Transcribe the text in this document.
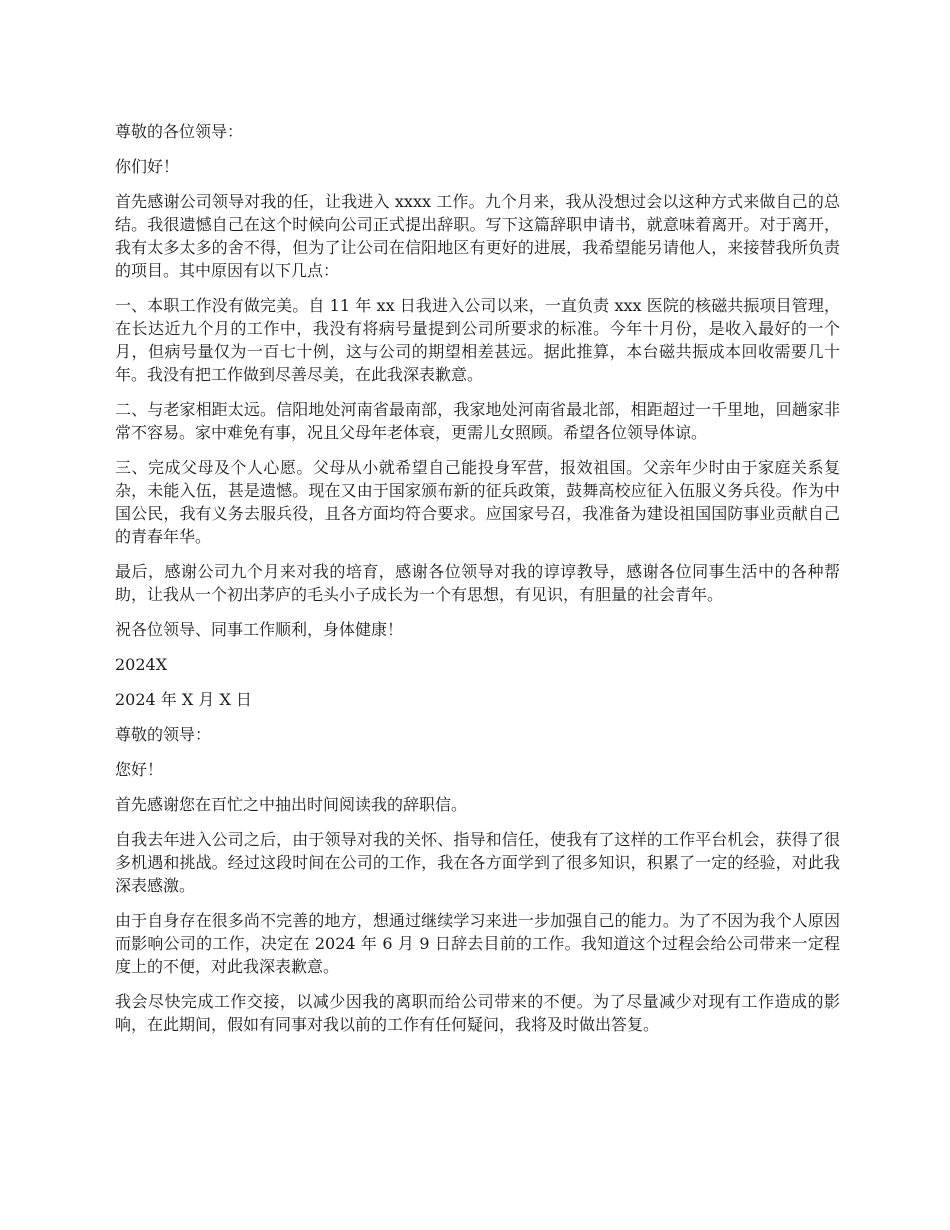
尊敬的各位领导：

你们好！

首先感谢公司领导对我的任，让我进入 xxxx 工作。九个月来，我从没想过会以这种方式来做自己的总结。我很遗憾自己在这个时候向公司正式提出辞职。写下这篇辞职申请书，就意味着离开。对于离开，我有太多太多的舍不得，但为了让公司在信阳地区有更好的进展，我希望能另请他人，来接替我所负责的项目。其中原因有以下几点：

一、本职工作没有做完美。自 11 年 xx 日我进入公司以来，一直负责 xxx 医院的核磁共振项目管理，在长达近九个月的工作中，我没有将病号量提到公司所要求的标准。今年十月份，是收入最好的一个月，但病号量仅为一百七十例，这与公司的期望相差甚远。据此推算，本台磁共振成本回收需要几十年。我没有把工作做到尽善尽美，在此我深表歉意。

二、与老家相距太远。信阳地处河南省最南部，我家地处河南省最北部，相距超过一千里地，回趟家非常不容易。家中难免有事，况且父母年老体衰，更需儿女照顾。希望各位领导体谅。

三、完成父母及个人心愿。父母从小就希望自己能投身军营，报效祖国。父亲年少时由于家庭关系复杂，未能入伍，甚是遗憾。现在又由于国家颁布新的征兵政策，鼓舞高校应征入伍服义务兵役。作为中国公民，我有义务去服兵役，且各方面均符合要求。应国家号召，我准备为建设祖国国防事业贡献自己的青春年华。

最后，感谢公司九个月来对我的培育，感谢各位领导对我的谆谆教导，感谢各位同事生活中的各种帮助，让我从一个初出茅庐的毛头小子成长为一个有思想，有见识，有胆量的社会青年。

祝各位领导、同事工作顺利，身体健康！

2024X

2024 年 X 月 X 日

尊敬的领导：

您好！

首先感谢您在百忙之中抽出时间阅读我的辞职信。

自我去年进入公司之后，由于领导对我的关怀、指导和信任，使我有了这样的工作平台机会，获得了很多机遇和挑战。经过这段时间在公司的工作，我在各方面学到了很多知识，积累了一定的经验，对此我深表感激。

由于自身存在很多尚不完善的地方，想通过继续学习来进一步加强自己的能力。为了不因为我个人原因而影响公司的工作，决定在 2024 年 6 月 9 日辞去目前的工作。我知道这个过程会给公司带来一定程度上的不便，对此我深表歉意。

我会尽快完成工作交接，以减少因我的离职而给公司带来的不便。为了尽量减少对现有工作造成的影响，在此期间，假如有同事对我以前的工作有任何疑问，我将及时做出答复。
